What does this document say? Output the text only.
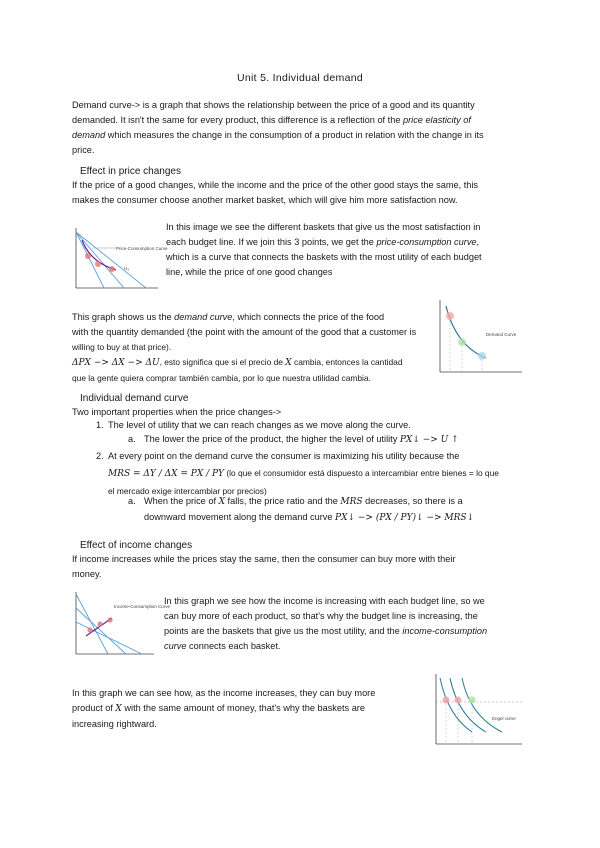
Unit 5. Individual demand
Demand curve-> is a graph that shows the relationship between the price of a good and its quantity
demanded. It isn't the same for every product, this difference is a reflection of the price elasticity of
demand which measures the change in the consumption of a product in relation with the change in its
price.
Effect in price changes
If the price of a good changes, while the income and the price of the other good stays the same, this
makes the consumer choose another market basket, which will give him more satisfaction now.
Price-Consumption Curve
U₃
In this image we see the different baskets that give us the most satisfaction in
each budget line. If we join this 3 points, we get the price-consumption curve,
which is a curve that connects the baskets with the most utility of each budget
line, while the price of one good changes
This graph shows us the demand curve, which connects the price of the food
with the quantity demanded (the point with the amount of the good that a customer is
willing to buy at that price).
ΔPX −> ΔX −> ΔU, esto significa que si el precio de X cambia, entonces la cantidad
que la gente quiera comprar también cambia, por lo que nuestra utilidad cambia.
Demand Curve
Individual demand curve
Two important properties when the price changes->
1. The level of utility that we can reach changes as we move along the curve.
a. The lower the price of the product, the higher the level of utility PX↓ −> U ↑
2. At every point on the demand curve the consumer is maximizing his utility because the
MRS = ΔY / ΔX = PX / PY (lo que el consumidor está dispuesto a intercambiar entre bienes = lo que
el mercado exige intercambiar por precios)
a. When the price of X falls, the price ratio and the MRS decreases, so there is a
downward movement along the demand curve PX↓ −> (PX / PY)↓ −> MRS↓
Effect of income changes
If income increases while the prices stay the same, then the consumer can buy more with their
money.
Income-Consumption Curve
In this graph we see how the income is increasing with each budget line, so we
can buy more of each product, so that's why the budget line is increasing, the
points are the baskets that give us the most utility, and the income-consumption
curve connects each basket.
In this graph we can see how, as the income increases, they can buy more
product of X with the same amount of money, that's why the baskets are
increasing rightward.
Engel curve
